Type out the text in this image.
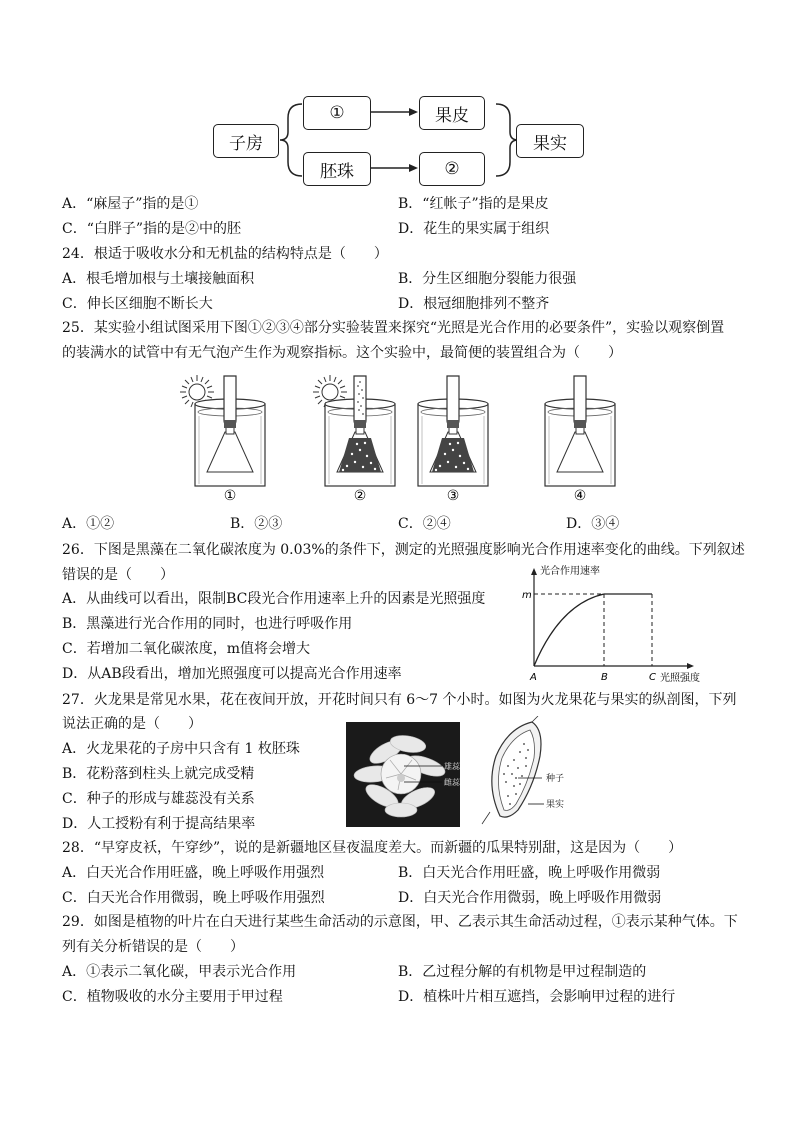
子房
①	果皮
胚珠	②
果实
A．“麻屋子”指的是①	B．“红帐子”指的是果皮
C．“白胖子”指的是②中的胚	D．花生的果实属于组织
24．根适于吸收水分和无机盐的结构特点是（　　）
A．根毛增加根与土壤接触面积	B．分生区细胞分裂能力很强
C．伸长区细胞不断长大	D．根冠细胞排列不整齐
25．某实验小组试图采用下图①②③④部分实验装置来探究“光照是光合作用的必要条件”，实验以观察倒置
的装满水的试管中有无气泡产生作为观察指标。这个实验中，最简便的装置组合为（　　）
①	②	③	④
A．①②	B．②③	C．②④	D．③④
26．下图是黑藻在二氧化碳浓度为 0.03%的条件下，测定的光照强度影响光合作用速率变化的曲线。下列叙述
错误的是（　　）
A．从曲线可以看出，限制BC段光合作用速率上升的因素是光照强度
B．黑藻进行光合作用的同时，也进行呼吸作用
C．若增加二氧化碳浓度，m值将会增大
D．从AB段看出，增加光照强度可以提高光合作用速率
光合作用速率
光照强度
m
A	B	C
27．火龙果是常见水果，花在夜间开放，开花时间只有 6～7 个小时。如图为火龙果花与果实的纵剖图，下列
说法正确的是（　　）
A．火龙果花的子房中只含有 1 枚胚珠
B．花粉落到柱头上就完成受精
C．种子的形成与雄蕊没有关系
D．人工授粉有利于提高结果率
雄蕊
雌蕊	种子
果实
28．“早穿皮袄，午穿纱”，说的是新疆地区昼夜温度差大。而新疆的瓜果特别甜，这是因为（　　）
A．白天光合作用旺盛，晚上呼吸作用强烈	B．白天光合作用旺盛，晚上呼吸作用微弱
C．白天光合作用微弱，晚上呼吸作用强烈	D．白天光合作用微弱，晚上呼吸作用微弱
29．如图是植物的叶片在白天进行某些生命活动的示意图，甲、乙表示其生命活动过程，①表示某种气体。下
列有关分析错误的是（　　）
A．①表示二氧化碳，甲表示光合作用	B．乙过程分解的有机物是甲过程制造的
C．植物吸收的水分主要用于甲过程	D．植株叶片相互遮挡，会影响甲过程的进行
